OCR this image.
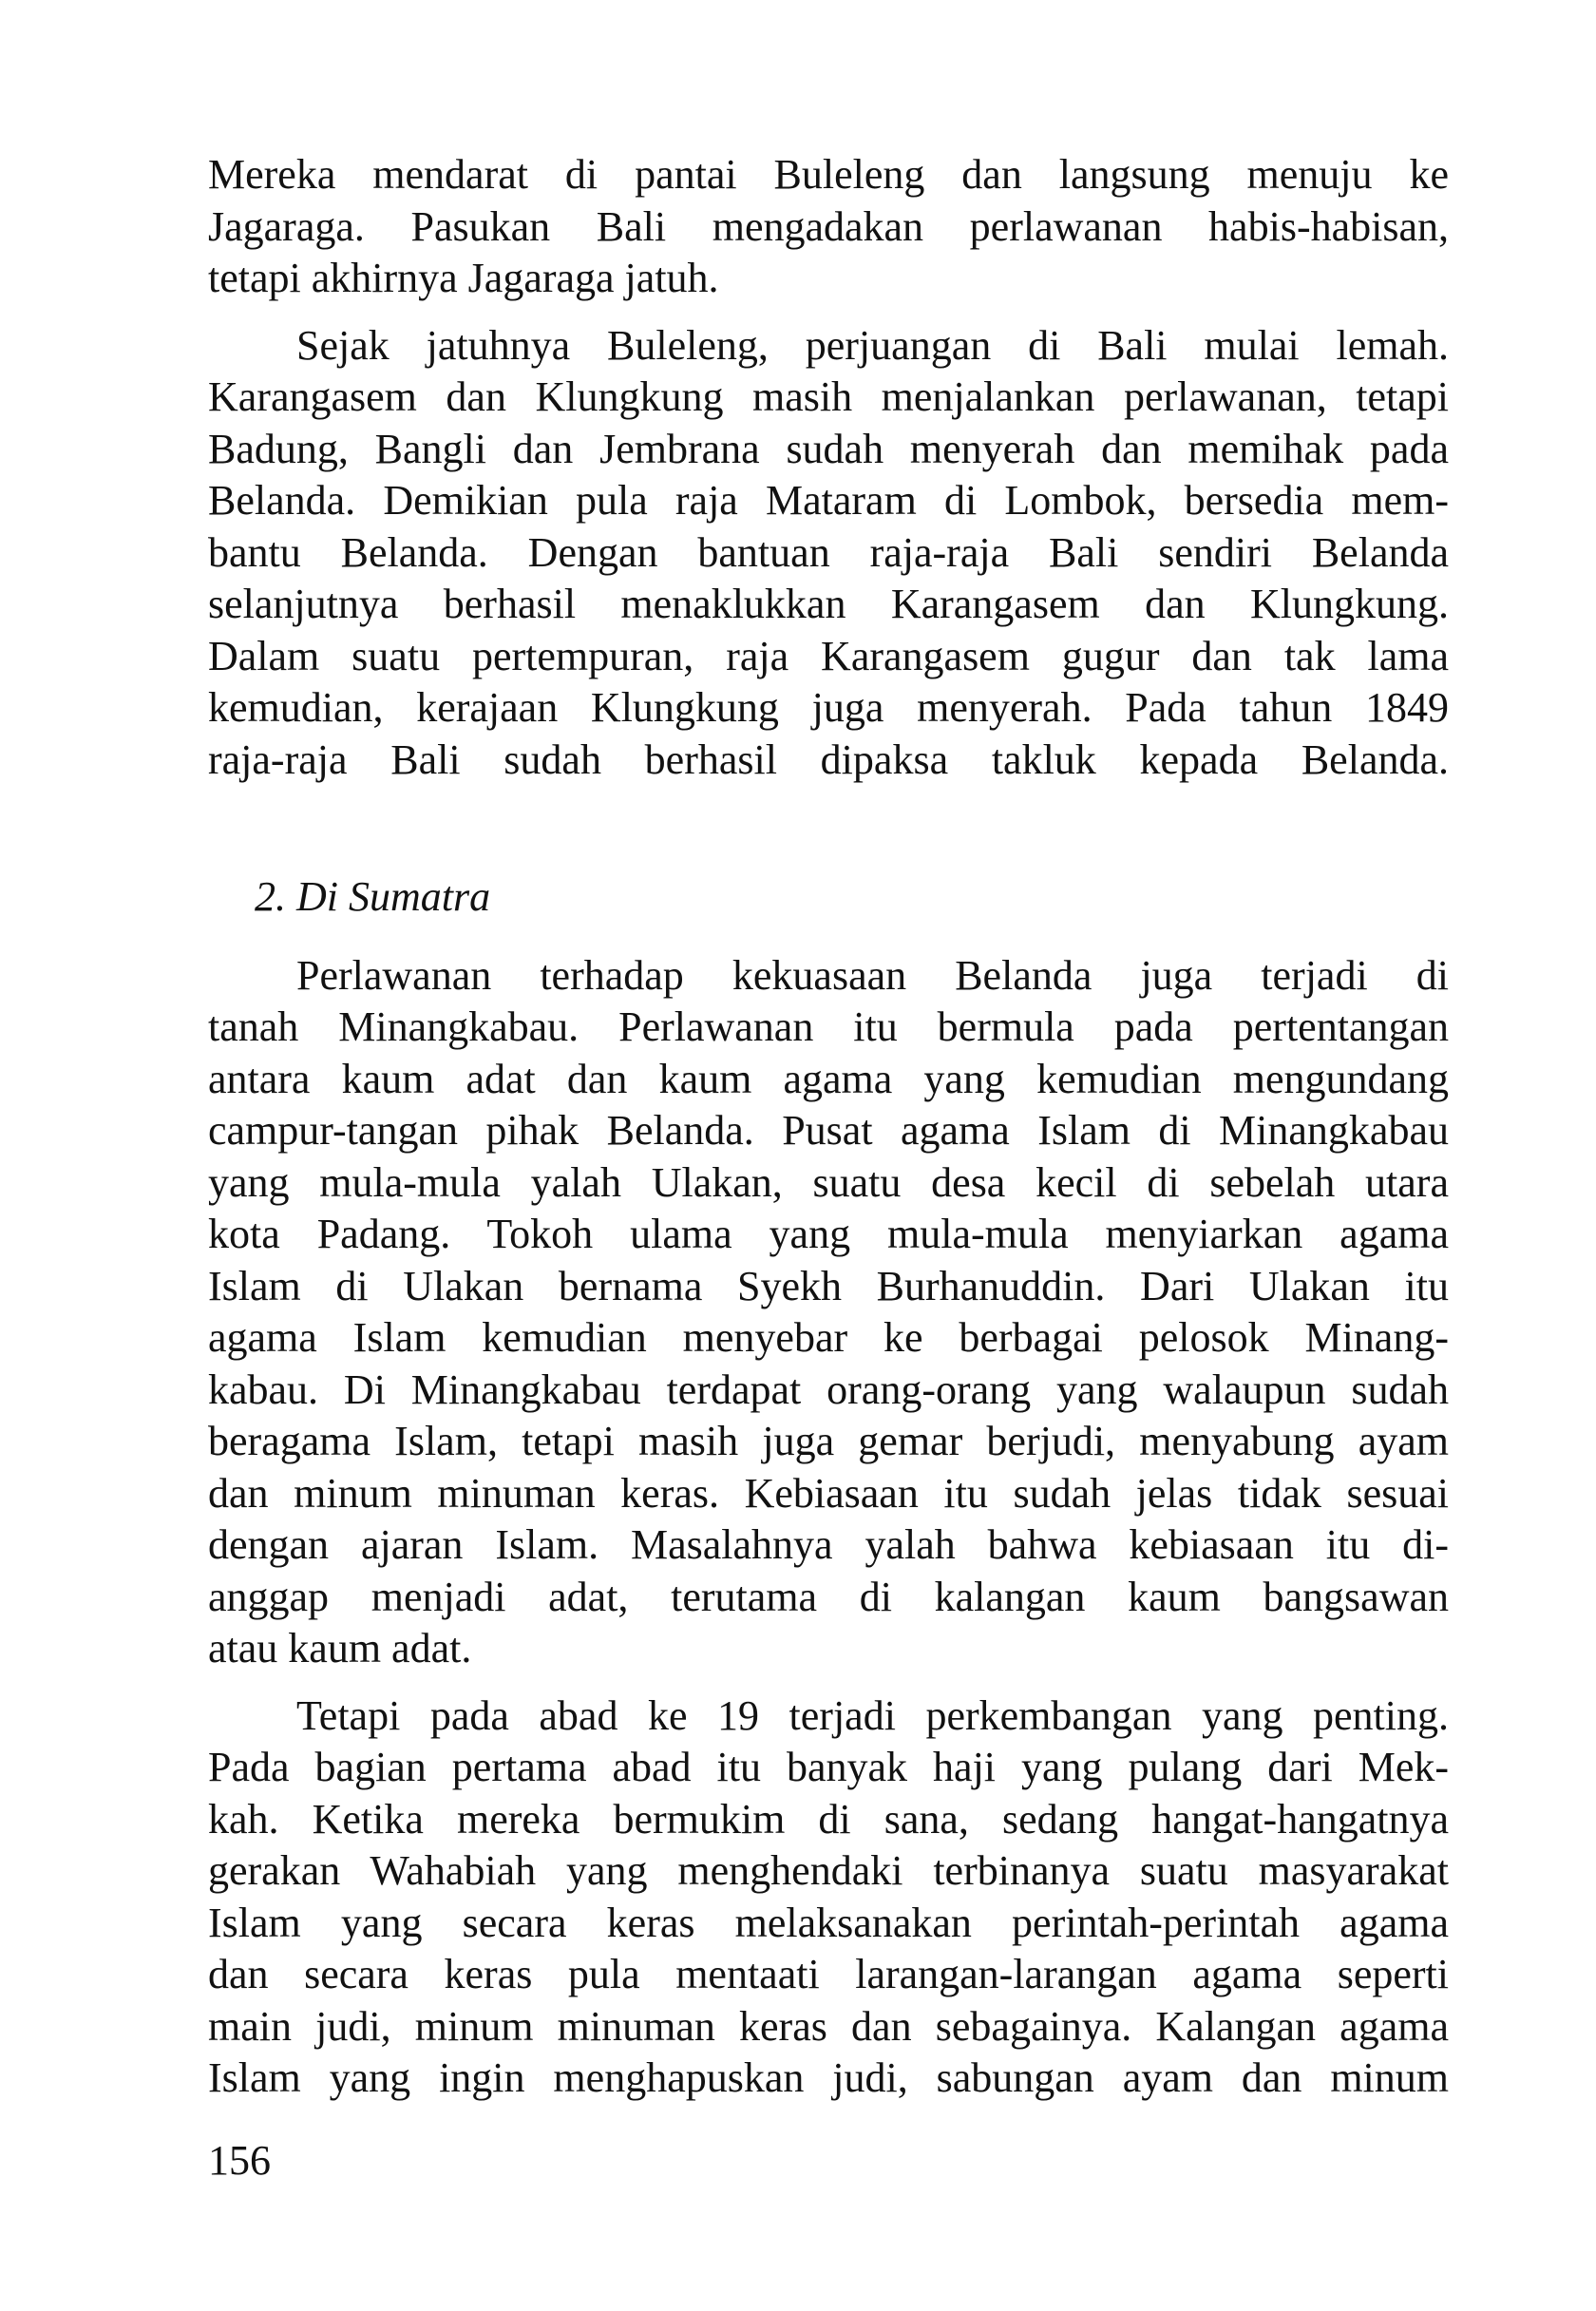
Mereka mendarat di pantai Buleleng dan langsung menuju ke
Jagaraga. Pasukan Bali mengadakan perlawanan habis-habisan,
tetapi akhirnya Jagaraga jatuh.
Sejak jatuhnya Buleleng, perjuangan di Bali mulai lemah.
Karangasem dan Klungkung masih menjalankan perlawanan, tetapi
Badung, Bangli dan Jembrana sudah menyerah dan memihak pada
Belanda. Demikian pula raja Mataram di Lombok, bersedia mem-
bantu Belanda. Dengan bantuan raja-raja Bali sendiri Belanda
selanjutnya berhasil menaklukkan Karangasem dan Klungkung.
Dalam suatu pertempuran, raja Karangasem gugur dan tak lama
kemudian, kerajaan Klungkung juga menyerah. Pada tahun 1849
raja-raja Bali sudah berhasil dipaksa takluk kepada Belanda.
2. Di Sumatra
Perlawanan terhadap kekuasaan Belanda juga terjadi di
tanah Minangkabau. Perlawanan itu bermula pada pertentangan
antara kaum adat dan kaum agama yang kemudian mengundang
campur-tangan pihak Belanda. Pusat agama Islam di Minangkabau
yang mula-mula yalah Ulakan, suatu desa kecil di sebelah utara
kota Padang. Tokoh ulama yang mula-mula menyiarkan agama
Islam di Ulakan bernama Syekh Burhanuddin. Dari Ulakan itu
agama Islam kemudian menyebar ke berbagai pelosok Minang-
kabau. Di Minangkabau terdapat orang-orang yang walaupun sudah
beragama Islam, tetapi masih juga gemar berjudi, menyabung ayam
dan minum minuman keras. Kebiasaan itu sudah jelas tidak sesuai
dengan ajaran Islam. Masalahnya yalah bahwa kebiasaan itu di-
anggap menjadi adat, terutama di kalangan kaum bangsawan
atau kaum adat.
Tetapi pada abad ke 19 terjadi perkembangan yang penting.
Pada bagian pertama abad itu banyak haji yang pulang dari Mek-
kah. Ketika mereka bermukim di sana, sedang hangat-hangatnya
gerakan Wahabiah yang menghendaki terbinanya suatu masyarakat
Islam yang secara keras melaksanakan perintah-perintah agama
dan secara keras pula mentaati larangan-larangan agama seperti
main judi, minum minuman keras dan sebagainya. Kalangan agama
Islam yang ingin menghapuskan judi, sabungan ayam dan minum
156
